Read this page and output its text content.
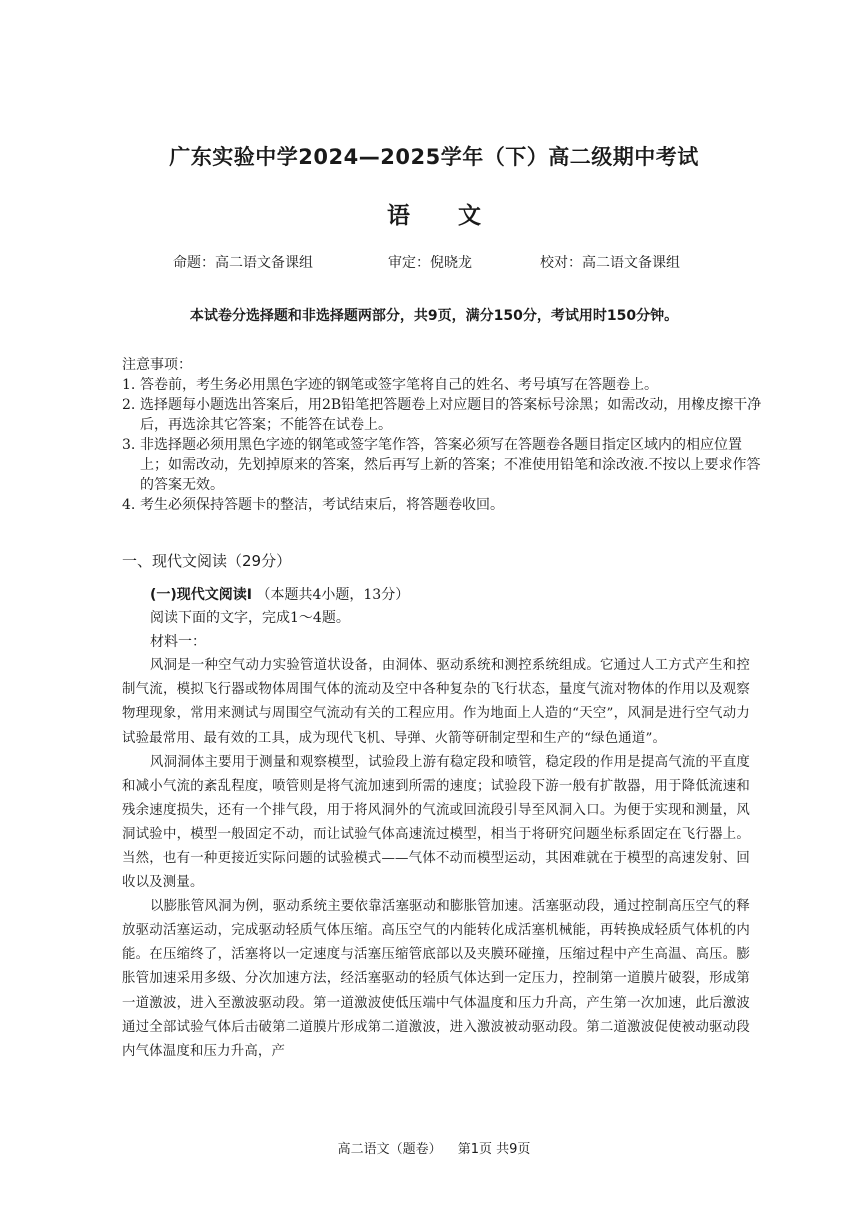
广东实验中学2024—2025学年（下）高二级期中考试
语 文
命题：高二语文备课组	审定：倪晓龙	校对：高二语文备课组
本试卷分选择题和非选择题两部分，共9页，满分150分，考试用时150分钟。
注意事项：
1. 答卷前，考生务必用黑色字迹的钢笔或签字笔将自己的姓名、考号填写在答题卷上。
2. 选择题每小题选出答案后，用2B铅笔把答题卷上对应题目的答案标号涂黑；如需改动，用橡皮擦干净后，再选涂其它答案；不能答在试卷上。
3. 非选择题必须用黑色字迹的钢笔或签字笔作答，答案必须写在答题卷各题目指定区域内的相应位置上；如需改动，先划掉原来的答案，然后再写上新的答案；不准使用铅笔和涂改液.不按以上要求作答的答案无效。
4. 考生必须保持答题卡的整洁，考试结束后，将答题卷收回。
一、现代文阅读（29分）
(一)现代文阅读Ⅰ （本题共4小题，13分）
阅读下面的文字，完成1～4题。
材料一：

风洞是一种空气动力实验管道状设备，由洞体、驱动系统和测控系统组成。它通过人工方式产生和控制气流，模拟飞行器或物体周围气体的流动及空中各种复杂的飞行状态，量度气流对物体的作用以及观察物理现象，常用来测试与周围空气流动有关的工程应用。作为地面上人造的“天空”，风洞是进行空气动力试验最常用、最有效的工具，成为现代飞机、导弹、火箭等研制定型和生产的“绿色通道”。

风洞洞体主要用于测量和观察模型，试验段上游有稳定段和喷管，稳定段的作用是提高气流的平直度和减小气流的紊乱程度，喷管则是将气流加速到所需的速度；试验段下游一般有扩散器，用于降低流速和残余速度损失，还有一个排气段，用于将风洞外的气流或回流段引导至风洞入口。为便于实现和测量，风洞试验中，模型一般固定不动，而让试验气体高速流过模型，相当于将研究问题坐标系固定在飞行器上。当然，也有一种更接近实际问题的试验模式——气体不动而模型运动，其困难就在于模型的高速发射、回收以及测量。

以膨胀管风洞为例，驱动系统主要依靠活塞驱动和膨胀管加速。活塞驱动段，通过控制高压空气的释放驱动活塞运动，完成驱动轻质气体压缩。高压空气的内能转化成活塞机械能，再转换成轻质气体机的内能。在压缩终了，活塞将以一定速度与活塞压缩管底部以及夹膜环碰撞，压缩过程中产生高温、高压。膨胀管加速采用多级、分次加速方法，经活塞驱动的轻质气体达到一定压力，控制第一道膜片破裂，形成第一道激波，进入至激波驱动段。第一道激波使低压端中气体温度和压力升高，产生第一次加速，此后激波通过全部试验气体后击破第二道膜片形成第二道激波，进入激波被动驱动段。第二道激波促使被动驱动段内气体温度和压力升高，产

高二语文（题卷） 第1页 共9页
